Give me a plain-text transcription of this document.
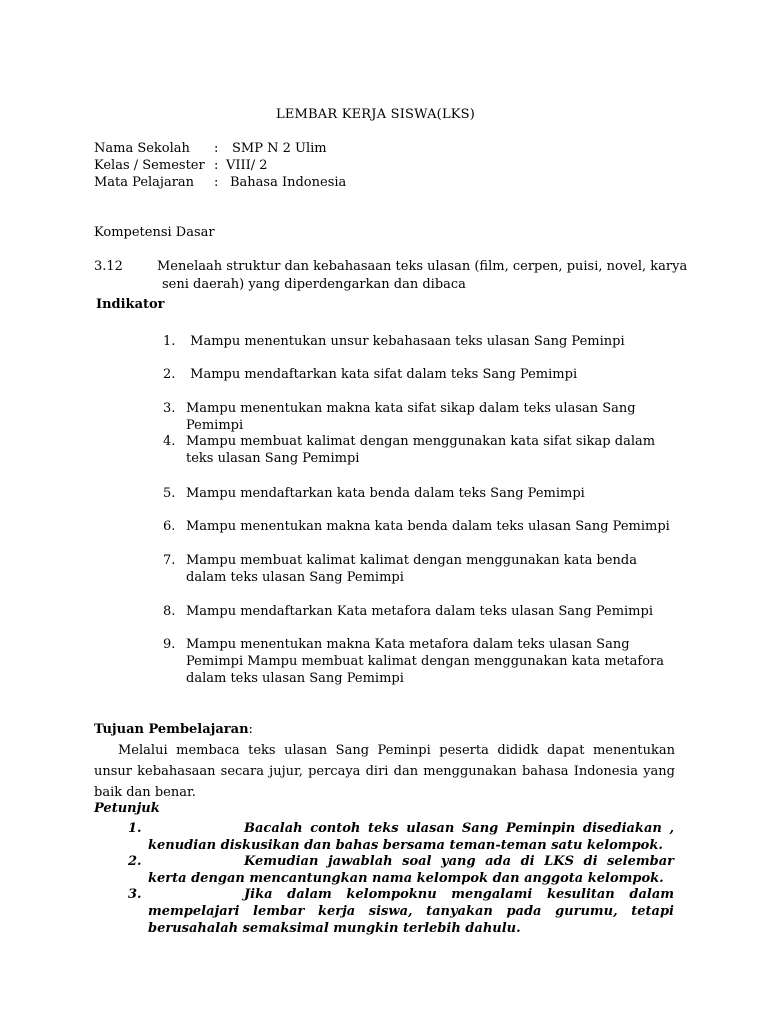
LEMBAR KERJA SISWA(LKS)
Nama Sekolah : SMP N 2 Ulim
Kelas / Semester : VIII/ 2
Mata Pelajaran : Bahasa Indonesia
Kompetensi Dasar
3.12	Menelaah struktur dan kebahasaan teks ulasan (film, cerpen, puisi, novel, karya
seni daerah) yang diperdengarkan dan dibaca
Indikator
1. Mampu menentukan unsur kebahasaan teks ulasan Sang Peminpi
2. Mampu mendaftarkan kata sifat dalam teks Sang Pemimpi
3. Mampu menentukan makna kata sifat sikap dalam teks ulasan Sang Pemimpi
4. Mampu membuat kalimat dengan menggunakan kata sifat sikap dalam teks ulasan Sang Pemimpi
5. Mampu mendaftarkan kata benda dalam teks Sang Pemimpi
6. Mampu menentukan makna kata benda dalam teks ulasan Sang Pemimpi
7. Mampu membuat kalimat kalimat dengan menggunakan kata benda dalam teks ulasan Sang Pemimpi
8. Mampu mendaftarkan Kata metafora dalam teks ulasan Sang Pemimpi
9. Mampu menentukan makna Kata metafora dalam teks ulasan Sang Pemimpi Mampu membuat kalimat dengan menggunakan kata metafora dalam teks ulasan Sang Pemimpi
Tujuan Pembelajaran:
Melalui membaca teks ulasan Sang Peminpi peserta dididk dapat menentukan unsur kebahasaan secara jujur, percaya diri dan menggunakan bahasa Indonesia yang baik dan benar.
Petunjuk
1.	Bacalah contoh teks ulasan Sang Peminpin disediakan , kenudian diskusikan dan bahas bersama teman-teman satu kelompok.
2.	Kemudian jawablah soal yang ada di LKS di selembar kerta dengan mencantungkan nama kelompok dan anggota kelompok.
3.	Jika dalam kelompoknu mengalami kesulitan dalam mempelajari lembar kerja siswa, tanyakan pada gurumu, tetapi berusahalah semaksimal mungkin terlebih dahulu.
